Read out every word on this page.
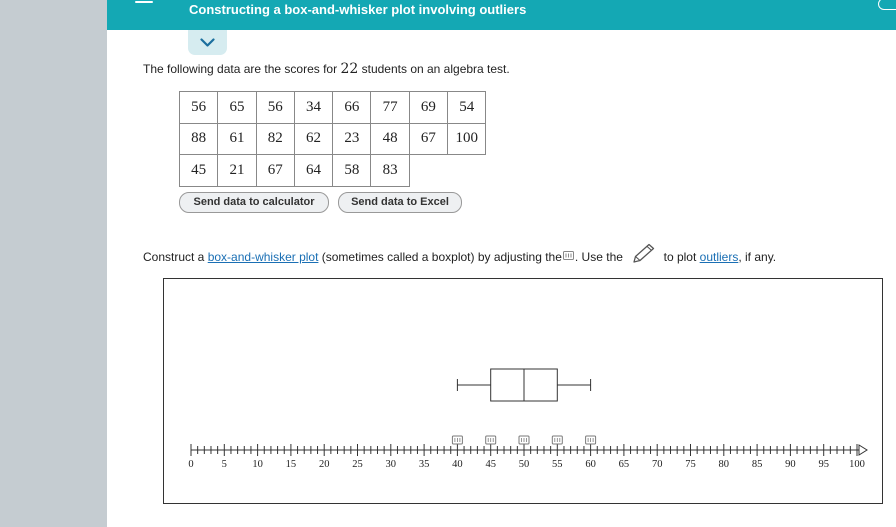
Constructing a box-and-whisker plot involving outliers
The following data are the scores for 22 students on an algebra test.
56	65	56	34	66	77	69	54
88	61	82	62	23	48	67	100
45	21	67	64	58	83		
Send data to calculator	Send data to Excel
Construct a box-and-whisker plot (sometimes called a boxplot) by adjusting the . Use the	to plot outliers, if any.
0	5 10 15 20 25 30 35 40 45 50 55 60 65 70 75 80 85 90 95 100
